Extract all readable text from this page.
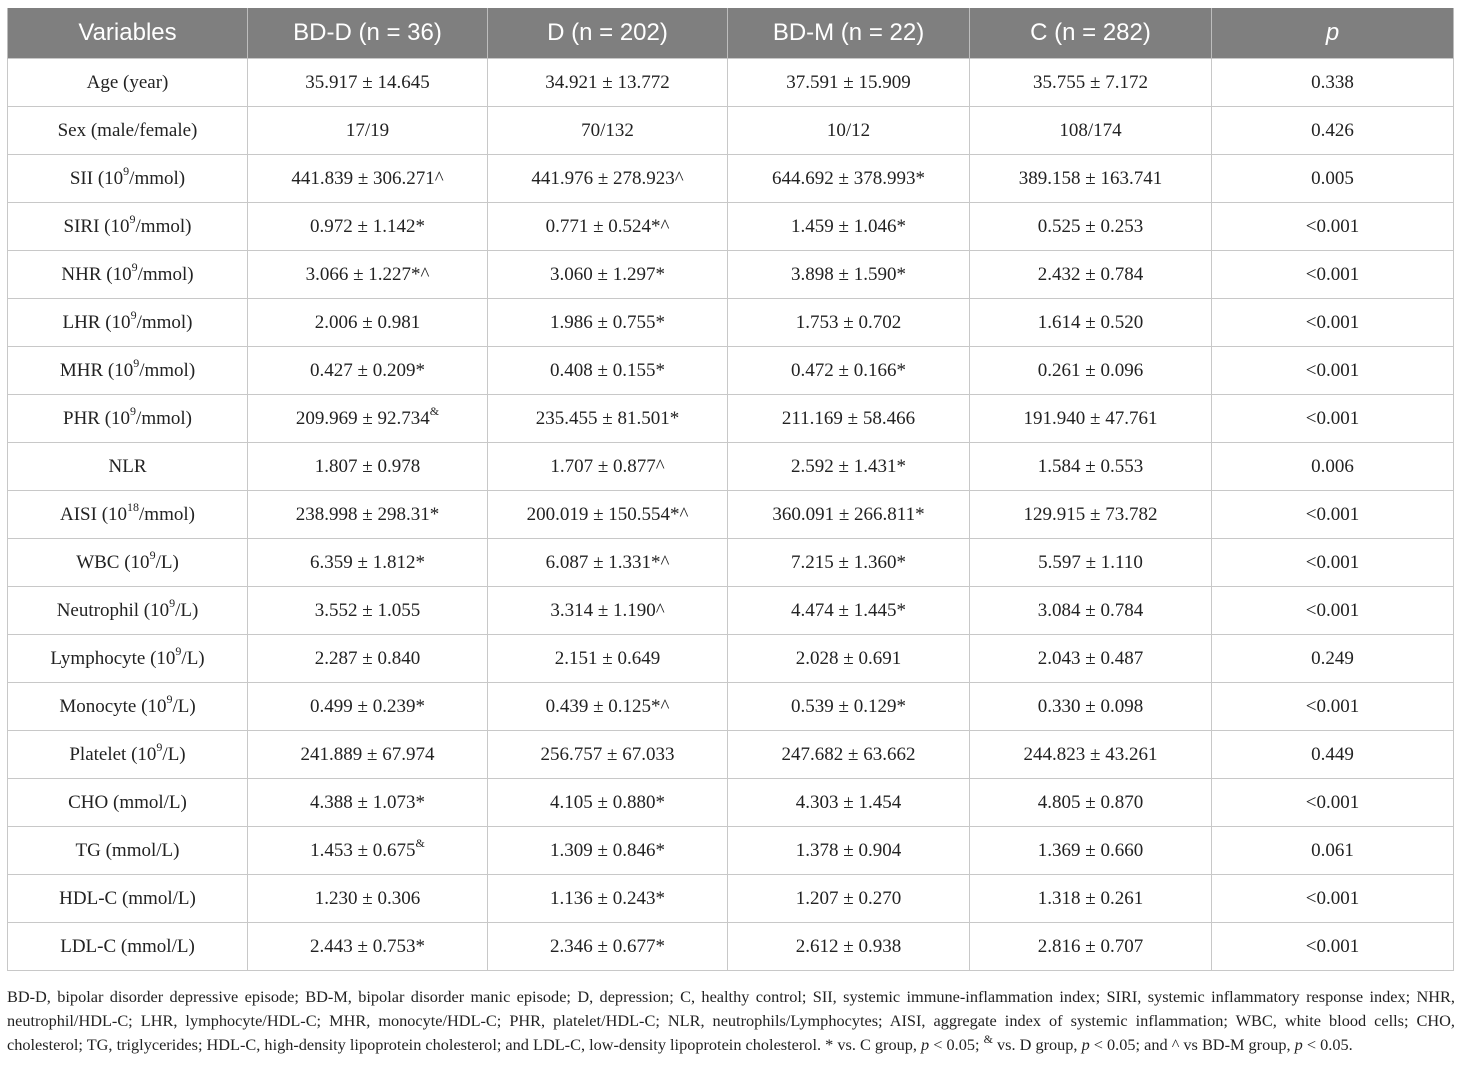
Variables	BD-D (n = 36)	D (n = 202)	BD-M (n = 22)	C (n = 282)	p
Age (year)	35.917 ± 14.645	34.921 ± 13.772	37.591 ± 15.909	35.755 ± 7.172	0.338
Sex (male/female)	17/19	70/132	10/12	108/174	0.426
SII $(10^9/mmol)$	441.839 ± 306.271^	441.976 ± 278.923^	644.692 ± 378.993*	389.158 ± 163.741	0.005
SIRI $(10^9/mmol)$	0.972 ± 1.142*	0.771 ± 0.524*^	1.459 ± 1.046*	0.525 ± 0.253	<0.001
NHR $(10^9/mmol)$	3.066 ± 1.227*^	3.060 ± 1.297*	3.898 ± 1.590*	2.432 ± 0.784	<0.001
LHR $(10^9/mmol)$	2.006 ± 0.981	1.986 ± 0.755*	1.753 ± 0.702	1.614 ± 0.520	<0.001
MHR $(10^9/mmol)$	0.427 ± 0.209*	0.408 ± 0.155*	0.472 ± 0.166*	0.261 ± 0.096	<0.001
PHR $(10^9/mmol)$	209.969 ± 92.734&	235.455 ± 81.501*	211.169 ± 58.466	191.940 ± 47.761	<0.001
NLR	1.807 ± 0.978	1.707 ± 0.877^	2.592 ± 1.431*	1.584 ± 0.553	0.006
AISI $(10^{18}/mmol)$	238.998 ± 298.31*	200.019 ± 150.554*^	360.091 ± 266.811*	129.915 ± 73.782	<0.001
WBC $(10^9/L)$	6.359 ± 1.812*	6.087 ± 1.331*^	7.215 ± 1.360*	5.597 ± 1.110	<0.001
Neutrophil $(10^9/L)$	3.552 ± 1.055	3.314 ± 1.190^	4.474 ± 1.445*	3.084 ± 0.784	<0.001
Lymphocyte $(10^9/L)$	2.287 ± 0.840	2.151 ± 0.649	2.028 ± 0.691	2.043 ± 0.487	0.249
Monocyte $(10^9/L)$	0.499 ± 0.239*	0.439 ± 0.125*^	0.539 ± 0.129*	0.330 ± 0.098	<0.001
Platelet $(10^9/L)$	241.889 ± 67.974	256.757 ± 67.033	247.682 ± 63.662	244.823 ± 43.261	0.449
CHO (mmol/L)	4.388 ± 1.073*	4.105 ± 0.880*	4.303 ± 1.454	4.805 ± 0.870	<0.001
TG (mmol/L)	1.453 ± 0.675&	1.309 ± 0.846*	1.378 ± 0.904	1.369 ± 0.660	0.061
HDL-C (mmol/L)	1.230 ± 0.306	1.136 ± 0.243*	1.207 ± 0.270	1.318 ± 0.261	<0.001
LDL-C (mmol/L)	2.443 ± 0.753*	2.346 ± 0.677*	2.612 ± 0.938	2.816 ± 0.707	<0.001
BD-D, bipolar disorder depressive episode; BD-M, bipolar disorder manic episode; D, depression; C, healthy control; SII, systemic immune-inflammation index; SIRI, systemic inflammatory response index; NHR, neutrophil/HDL-C; LHR, lymphocyte/HDL-C; MHR, monocyte/HDL-C; PHR, platelet/HDL-C; NLR, neutrophils/Lymphocytes; AISI, aggregate index of systemic inflammation; WBC, white blood cells; CHO, cholesterol; TG, triglycerides; HDL-C, high-density lipoprotein cholesterol; and LDL-C, low-density lipoprotein cholesterol. * vs. C group, p < 0.05; & vs. D group, p < 0.05; and ^ vs BD-M group, p < 0.05.
